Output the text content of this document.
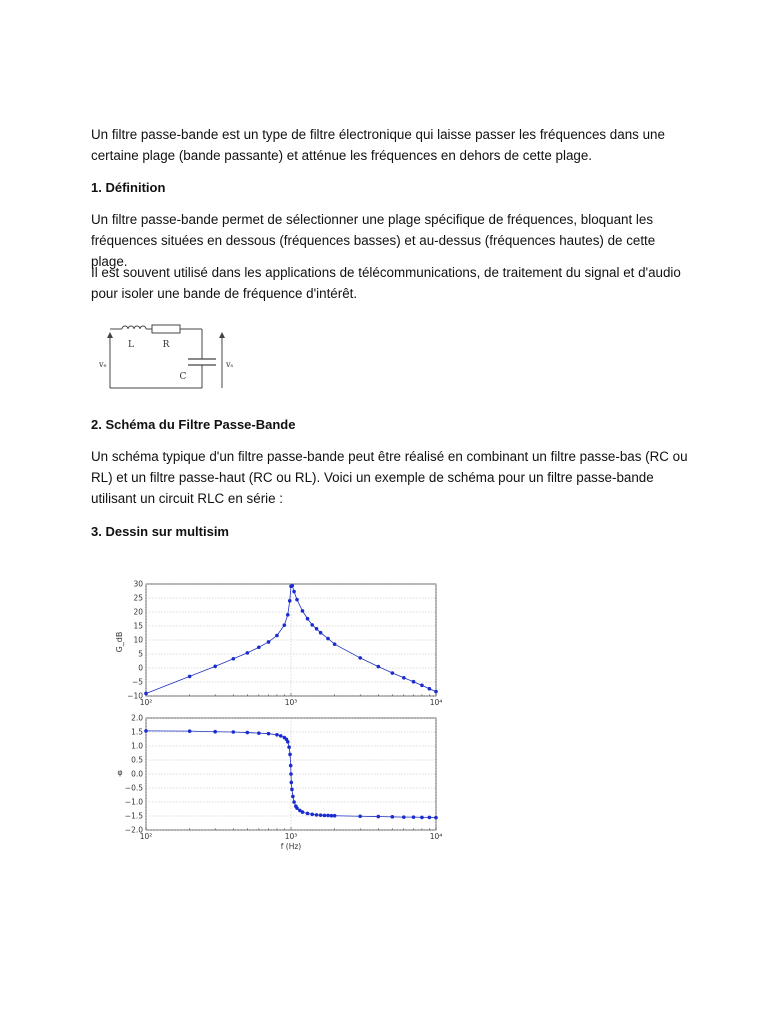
Un filtre passe-bande est un type de filtre électronique qui laisse passer les fréquences dans une certaine plage (bande passante) et atténue les fréquences en dehors de cette plage.

1. Définition

Un filtre passe-bande permet de sélectionner une plage spécifique de fréquences, bloquant les fréquences situées en dessous (fréquences basses) et au-dessus (fréquences hautes) de cette plage.

Il est souvent utilisé dans les applications de télécommunications, de traitement du signal et d'audio pour isoler une bande de fréquence d'intérêt.

L	R
C
vₑ	vₛ

2. Schéma du Filtre Passe-Bande

Un schéma typique d'un filtre passe-bande peut être réalisé en combinant un filtre passe-bas (RC ou RL) et un filtre passe-haut (RC ou RL). Voici un exemple de schéma pour un filtre passe-bande utilisant un circuit RLC en série :

3. Dessin sur multisim

30
25
20
15
10
5
0
−5
−10
10²	10³	10⁴
G_dB
2.0
1.5
1.0
0.5
0.0
−0.5
−1.0
−1.5
−2.0
10²	10³	10⁴
φ
f (Hz)
